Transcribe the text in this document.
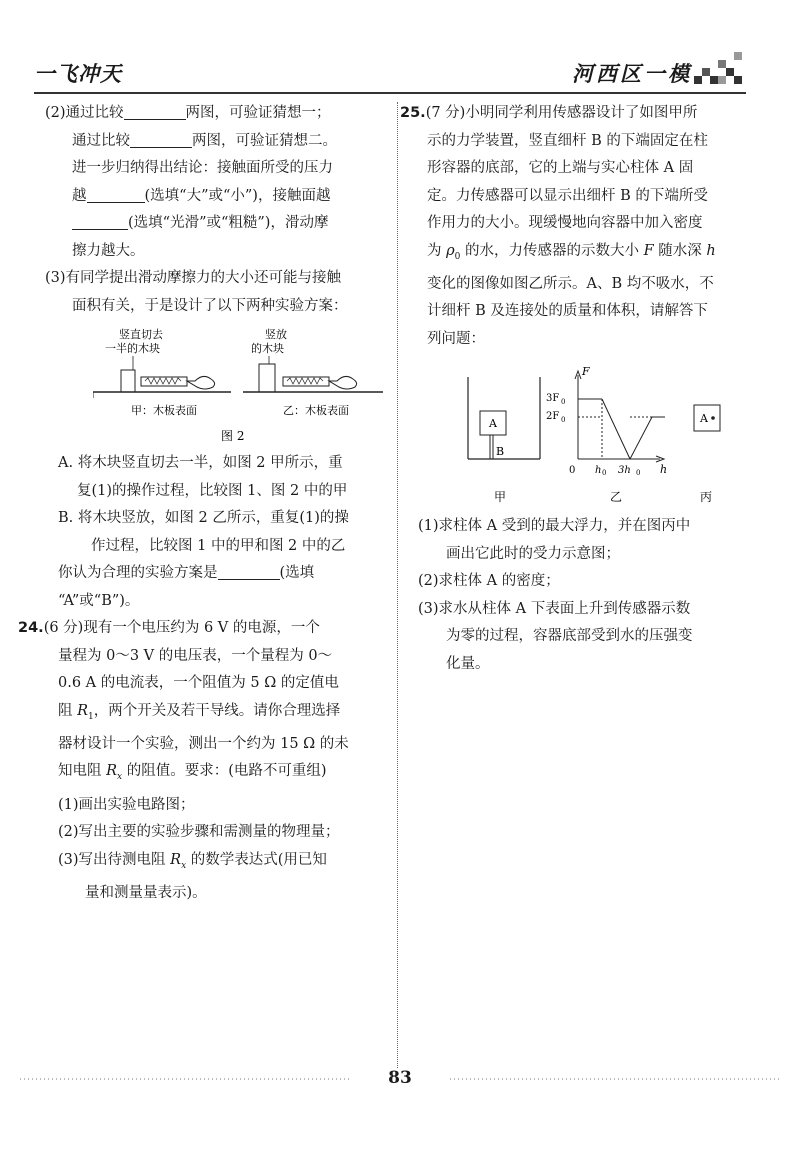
一飞冲天	河西区一模

(2)通过比较	两图，可验证猜想一；

通过比较	两图，可验证猜想二。

进一步归纳得出结论：接触面所受的压力

越	(选填“大”或“小”)，接触面越

(选填“光滑”或“粗糙”)，滑动摩

擦力越大。

(3)有同学提出滑动摩擦力的大小还可能与接触

面积有关，于是设计了以下两种实验方案：

竖直切去
一半的木块
甲：木板表面
竖放
的木块
乙：木板表面
图 2

A. 将木块竖直切去一半，如图 2 甲所示，重

复(1)的操作过程，比较图 1、图 2 中的甲

B. 将木块竖放，如图 2 乙所示，重复(1)的操

作过程，比较图 1 中的甲和图 2 中的乙

你认为合理的实验方案是	(选填

“A”或“B”)。

24.(6 分)现有一个电压约为 6 V 的电源，一个

量程为 0～3 V 的电压表，一个量程为 0～

0.6 A 的电流表，一个阻值为 5 Ω 的定值电

阻 $R_1$，两个开关及若干导线。请你合理选择

器材设计一个实验，测出一个约为 15 Ω 的未

知电阻 $R_x$ 的阻值。要求：(电路不可重组)

(1)画出实验电路图；

(2)写出主要的实验步骤和需测量的物理量；

(3)写出待测电阻 $R_x$ 的数学表达式(用已知

量和测量量表示)。

25.(7 分)小明同学利用传感器设计了如图甲所

示的力学装置，竖直细杆 B 的下端固定在柱

形容器的底部，它的上端与实心柱体 A 固

定。力传感器可以显示出细杆 B 的下端所受

作用力的大小。现缓慢地向容器中加入密度

为 $\rho_0$ 的水，力传感器的示数大小 F 随水深 h

变化的图像如图乙所示。A、B 均不吸水，不

计细杆 B 及连接处的质量和体积，请解答下

列问题：

A
B
F
3F 0
2F 0
0 h 0 3h 0 h
A
甲	乙	丙

(1)求柱体 A 受到的最大浮力，并在图丙中

画出它此时的受力示意图；

(2)求柱体 A 的密度；

(3)求水从柱体 A 下表面上升到传感器示数

为零的过程，容器底部受到水的压强变

化量。

83
